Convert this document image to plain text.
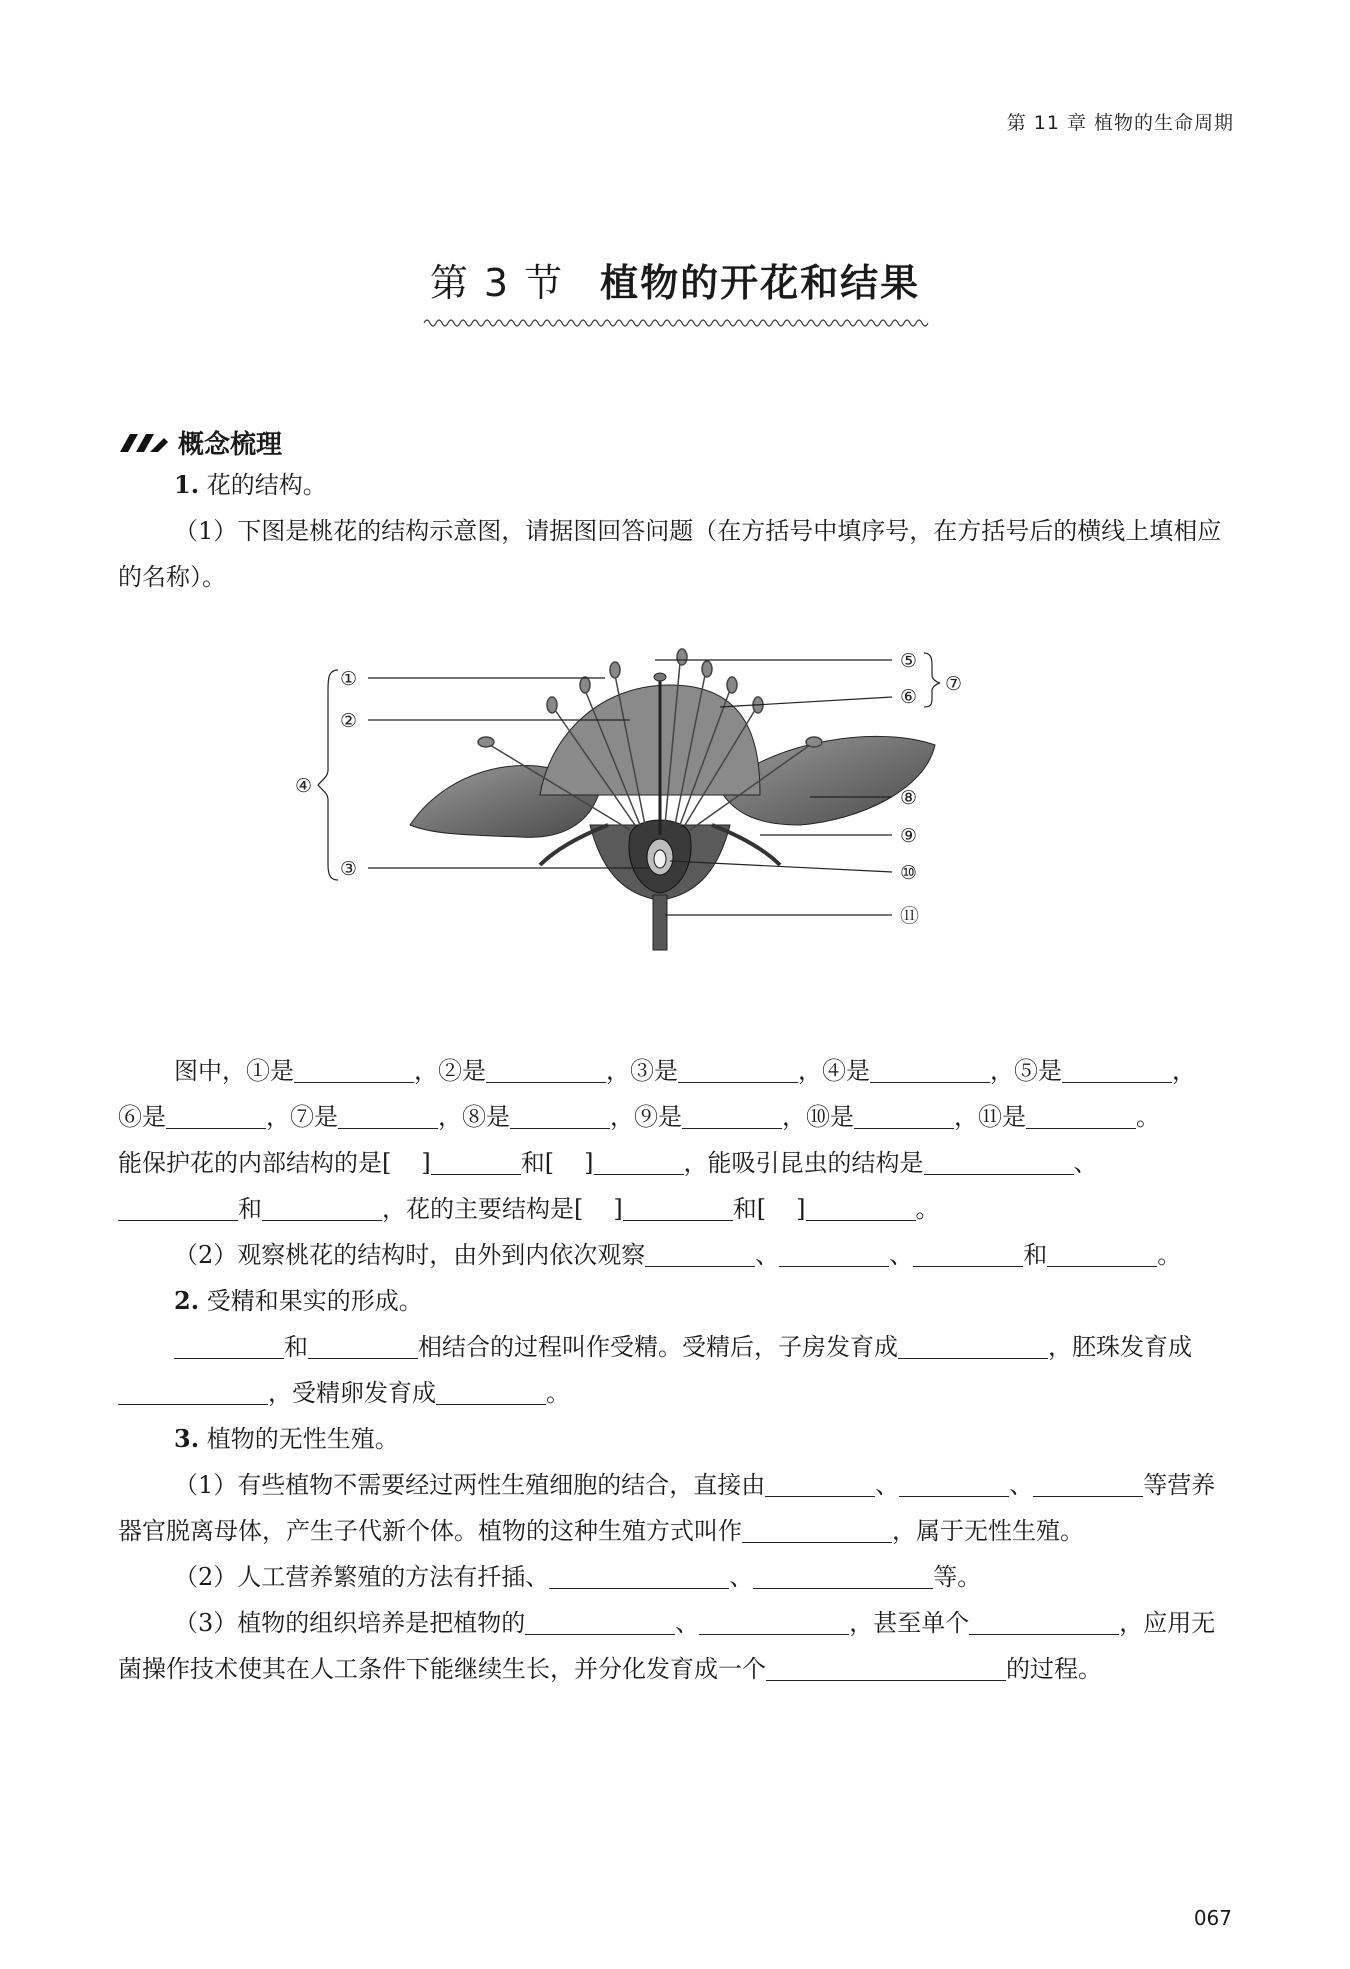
第 11 章 植物的生命周期
第 3 节 植物的开花和结果
概念梳理

1. 花的结构。

（1）下图是桃花的结构示意图，请据图回答问题（在方括号中填序号，在方括号后的横线上填相应的名称）。

①
②
③
④
⑤
⑥
⑦
⑧
⑨
⑩
⑪

图中，①是	，②是	，③是	，④是	，⑤是	，

⑥是	，⑦是	，⑧是	，⑨是	，⑩是	，⑪是	。

能保护花的内部结构的是[ ]	和[ ]	，能吸引昆虫的结构是	、

和	，花的主要结构是[ ]	和[ ]	。

（2）观察桃花的结构时，由外到内依次观察	、	、	和	。

2. 受精和果实的形成。

和	相结合的过程叫作受精。受精后，子房发育成	，胚珠发育成，受精卵发育成	。

3. 植物的无性生殖。

（1）有些植物不需要经过两性生殖细胞的结合，直接由	、	、	等营养器官脱离母体，产生子代新个体。植物的这种生殖方式叫作	，属于无性生殖。

（2）人工营养繁殖的方法有扦插、	、	等。

（3）植物的组织培养是把植物的	、	，甚至单个	，应用无菌操作技术使其在人工条件下能继续生长，并分化发育成一个	的过程。

067
